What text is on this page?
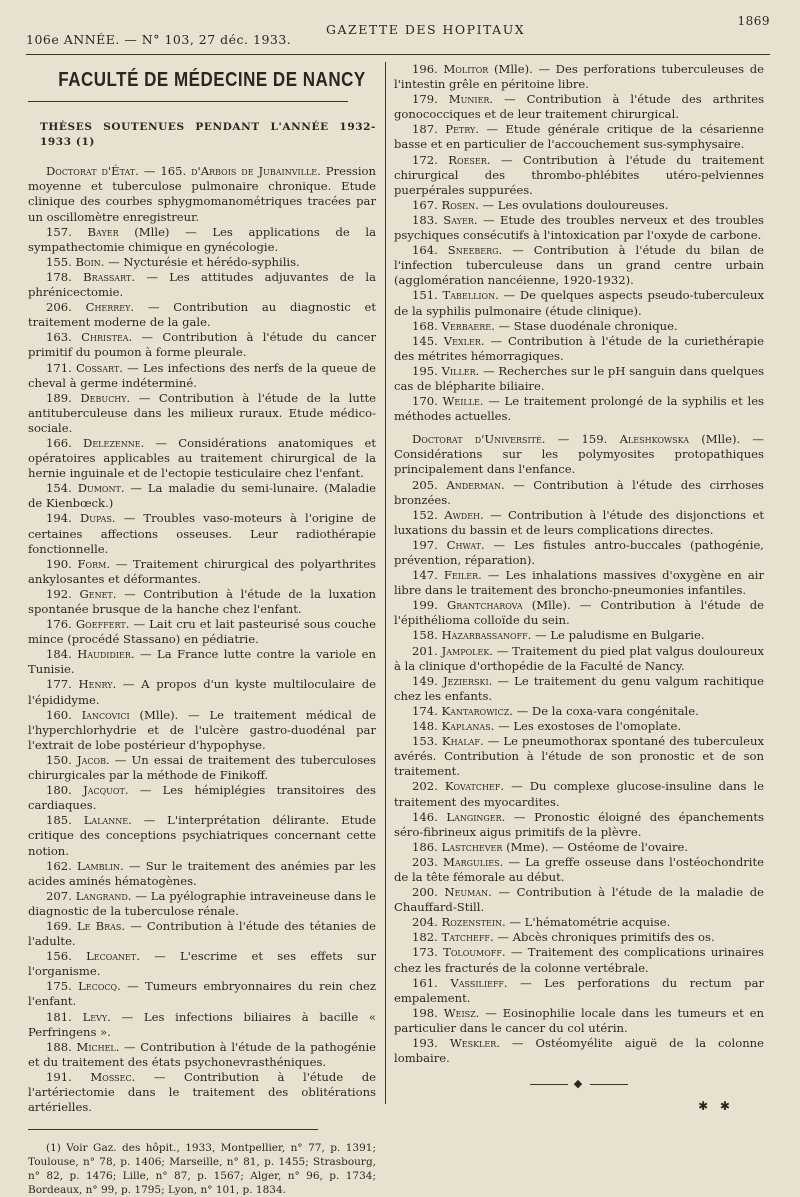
106e ANNÉE. — N° 103, 27 déc. 1933.
GAZETTE DES HOPITAUX
1869
FACULTÉ DE MÉDECINE DE NANCY
THÈSES SOUTENUES PENDANT L'ANNÉE 1932-1933 (1)

Doctorat d'État. — 165. d'Arbois de Jubainville. Pression moyenne et tuberculose pulmonaire chronique. Etude clinique des courbes sphygmomanométriques tracées par un oscillomètre enregistreur.

157. Bayer (Mlle) — Les applications de la sympathectomie chimique en gynécologie.

155. Boin. — Nycturésie et hérédo-syphilis.

178. Brassart. — Les attitudes adjuvantes de la phrénicectomie.

206. Cherrey. — Contribution au diagnostic et traitement moderne de la gale.

163. Christea. — Contribution à l'étude du cancer primitif du poumon à forme pleurale.

171. Cossart. — Les infections des nerfs de la queue de cheval à germe indéterminé.

189. Debuchy. — Contribution à l'étude de la lutte antituberculeuse dans les milieux ruraux. Etude médico-sociale.

166. Delezenne. — Considérations anatomiques et opératoires applicables au traitement chirurgical de la hernie inguinale et de l'ectopie testiculaire chez l'enfant.

154. Dumont. — La maladie du semi-lunaire. (Maladie de Kienbœck.)

194. Dupas. — Troubles vaso-moteurs à l'origine de certaines affections osseuses. Leur radiothérapie fonctionnelle.

190. Form. — Traitement chirurgical des polyarthrites ankylosantes et déformantes.

192. Genet. — Contribution à l'étude de la luxation spontanée brusque de la hanche chez l'enfant.

176. Goeffert. — Lait cru et lait pasteurisé sous couche mince (procédé Stassano) en pédiatrie.

184. Haudidier. — La France lutte contre la variole en Tunisie.

177. Henry. — A propos d'un kyste multiloculaire de l'épididyme.

160. Iancovici (Mlle). — Le traitement médical de l'hyperchlorhydrie et de l'ulcère gastro-duodénal par l'extrait de lobe postérieur d'hypophyse.

150. Jacob. — Un essai de traitement des tuberculoses chirurgicales par la méthode de Finikoff.

180. Jacquot. — Les hémiplégies transitoires des cardiaques.

185. Lalanne. — L'interprétation délirante. Etude critique des conceptions psychiatriques concernant cette notion.

162. Lamblin. — Sur le traitement des anémies par les acides aminés hématogènes.

207. Langrand. — La pyélographie intraveineuse dans le diagnostic de la tuberculose rénale.

169. Le Bras. — Contribution à l'étude des tétanies de l'adulte.

156. Lecoanet. — L'escrime et ses effets sur l'organisme.

175. Lecocq. — Tumeurs embryonnaires du rein chez l'enfant.

181. Levy. — Les infections biliaires à bacille « Perfringens ».

188. Michel. — Contribution à l'étude de la pathogénie et du traitement des états psychonevrasthéniques.

191. Mossec. — Contribution à l'étude de l'artériectomie dans le traitement des oblitérations artérielles.

(1) Voir Gaz. des hôpit., 1933, Montpellier, n° 77, p. 1391; Toulouse, n° 78, p. 1406; Marseille, n° 81, p. 1455; Strasbourg, n° 82, p. 1476; Lille, n° 87, p. 1567; Alger, n° 96, p. 1734; Bordeaux, n° 99, p. 1795; Lyon, n° 101, p. 1834.

196. Molitor (Mlle). — Des perforations tuberculeuses de l'intestin grêle en péritoine libre.

179. Munier. — Contribution à l'étude des arthrites gonococciques et de leur traitement chirurgical.

187. Petry. — Etude générale critique de la césarienne basse et en particulier de l'accouchement sus-symphysaire.

172. Roeser. — Contribution à l'étude du traitement chirurgical des thrombo-phlébites utéro-pelviennes puerpérales suppurées.

167. Rosen. — Les ovulations douloureuses.

183. Sayer. — Etude des troubles nerveux et des troubles psychiques consécutifs à l'intoxication par l'oxyde de carbone.

164. Sneeberg. — Contribution à l'étude du bilan de l'infection tuberculeuse dans un grand centre urbain (agglomération nancéienne, 1920-1932).

151. Tabellion. — De quelques aspects pseudo-tuberculeux de la syphilis pulmonaire (étude clinique).

168. Verbaere. — Stase duodénale chronique.

145. Vexler. — Contribution à l'étude de la curiethérapie des métrites hémorragiques.

195. Viller. — Recherches sur le pH sanguin dans quelques cas de blépharite biliaire.

170. Weille. — Le traitement prolongé de la syphilis et les méthodes actuelles.

Doctorat d'Université. — 159. Aleshkowska (Mlle). — Considérations sur les polymyosites protopathiques principalement dans l'enfance.

205. Anderman. — Contribution à l'étude des cirrhoses bronzées.

152. Awdeh. — Contribution à l'étude des disjonctions et luxations du bassin et de leurs complications directes.

197. Chwat. — Les fistules antro-buccales (pathogénie, prévention, réparation).

147. Feiler. — Les inhalations massives d'oxygène en air libre dans le traitement des broncho-pneumonies infantiles.

199. Grantcharova (Mlle). — Contribution à l'étude de l'épithélioma colloïde du sein.

158. Hazarbassanoff. — Le paludisme en Bulgarie.

201. Jampolek. — Traitement du pied plat valgus douloureux à la clinique d'orthopédie de la Faculté de Nancy.

149. Jezierski. — Le traitement du genu valgum rachitique chez les enfants.

174. Kantarowicz. — De la coxa-vara congénitale.

148. Kaplanas. — Les exostoses de l'omoplate.

153. Khalaf. — Le pneumothorax spontané des tuberculeux avérés. Contribution à l'étude de son pronostic et de son traitement.

202. Kovatchef. — Du complexe glucose-insuline dans le traitement des myocardites.

146. Langinger. — Pronostic éloigné des épanchements séro-fibrineux aigus primitifs de la plèvre.

186. Lastchever (Mme). — Ostéome de l'ovaire.

203. Margulies. — La greffe osseuse dans l'ostéochondrite de la tête fémorale au début.

200. Neuman. — Contribution à l'étude de la maladie de Chauffard-Still.

204. Rozenstein. — L'hématométrie acquise.

182. Tatcheff. — Abcès chroniques primitifs des os.

173. Toloumoff. — Traitement des complications urinaires chez les fracturés de la colonne vertébrale.

161. Vassilieff. — Les perforations du rectum par empalement.

198. Weisz. — Eosinophilie locale dans les tumeurs et en particulier dans le cancer du col utérin.

193. Weskler. — Ostéomyélite aiguë de la colonne lombaire.

◆
✱ ✱
